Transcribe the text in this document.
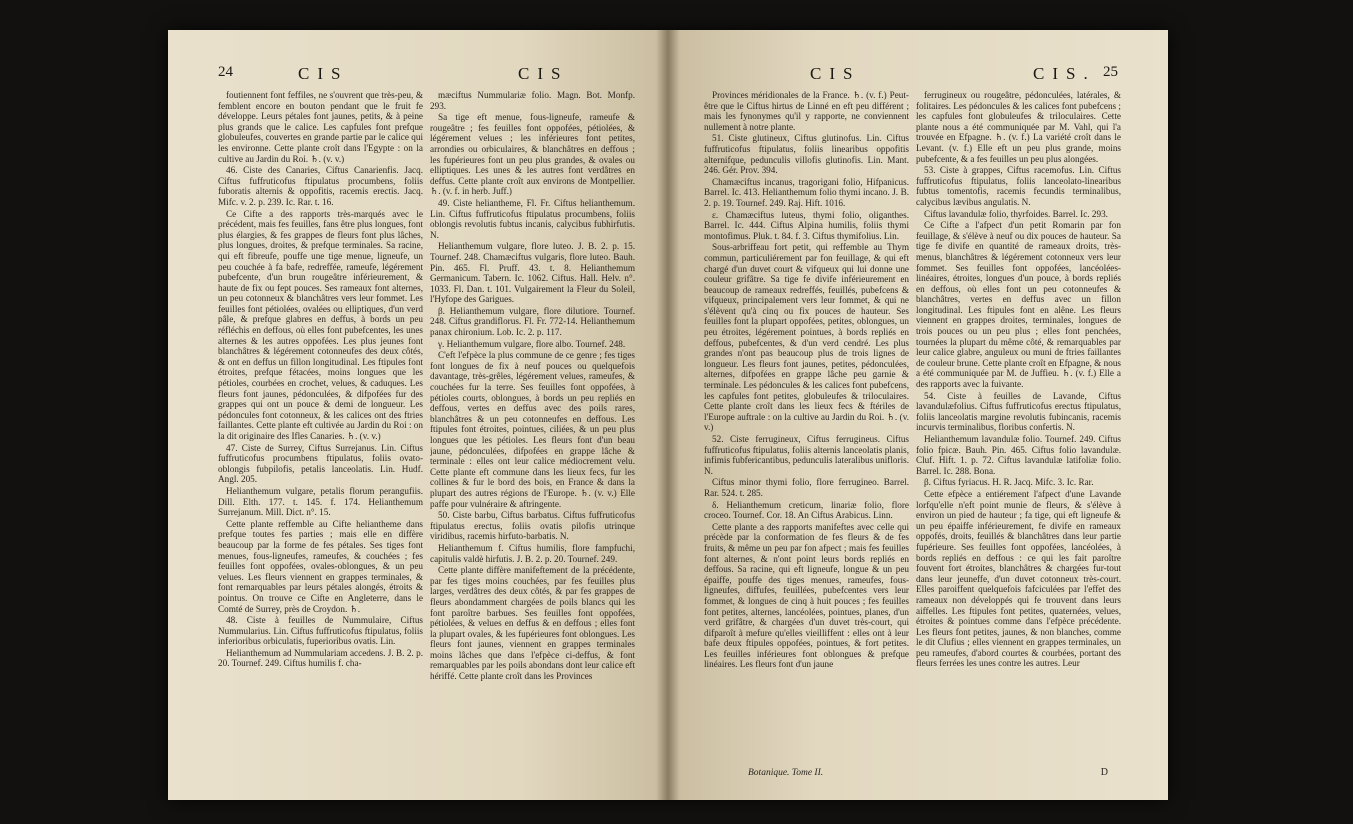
24	CIS	CIS

foutiennent font feffiles, ne s'ouvrent que très-peu, & femblent encore en bouton pendant que le fruit fe développe. Leurs pétales font jaunes, petits, & à peine plus grands que le calice. Les capfules font prefque globuleufes, couvertes en grande partie par le calice qui les environne. Cette plante croît dans l'Egypte : on la cultive au Jardin du Roi. ♄. (v. v.)

46. Ciste des Canaries, Ciftus Canarienfis. Jacq. Ciftus fuffruticofus ftipulatus procumbens, foliis fuboratis alternis & oppofitis, racemis erectis. Jacq. Mifc. v. 2. p. 239. Ic. Rar. t. 16.

Ce Cifte a des rapports très-marqués avec le précédent, mais fes feuilles, fans être plus longues, font plus élargies, & fes grappes de fleurs font plus lâches, plus longues, droites, & prefque terminales. Sa racine, qui eft fibreufe, pouffe une tige menue, ligneufe, un peu couchée à fa bafe, redreffée, rameufe, légérement pubefcente, d'un brun rougeâtre inférieurement, & haute de fix ou fept pouces. Ses rameaux font alternes, un peu cotonneux & blanchâtres vers leur fommet. Les feuilles font pétiolées, ovalées ou elliptiques, d'un verd pâle, & prefque glabres en deffus, à bords un peu réfléchis en deffous, où elles font pubefcentes, les unes alternes & les autres oppofées. Les plus jeunes font blanchâtres & légérement cotonneufes des deux côtés, & ont en deffus un fillon longitudinal. Les ftipules font étroites, prefque fétacées, moins longues que les pétioles, courbées en crochet, velues, & caduques. Les fleurs font jaunes, pédonculées, & difpofées fur des grappes qui ont un pouce & demi de longueur. Les pédoncules font cotonneux, & les calices ont des ftries faillantes. Cette plante eft cultivée au Jardin du Roi : on la dit originaire des Ifles Canaries. ♄. (v. v.)

47. Ciste de Surrey, Ciftus Surrejanus. Lin. Ciftus fuffruticofus procumbens ftipulatus, foliis ovato-oblongis fubpilofis, petalis lanceolatis. Lin. Hudf. Angl. 205.

Helianthemum vulgare, petalis florum perangufiis. Dill. Elth. 177. t. 145. f. 174. Helianthemum Surrejanum. Mill. Dict. n°. 15.

Cette plante reffemble au Cifte heliantheme dans prefque toutes fes parties ; mais elle en diffère beaucoup par la forme de fes pétales. Ses tiges font menues, fous-ligneufes, rameufes, & couchées ; fes feuilles font oppofées, ovales-oblongues, & un peu velues. Les fleurs viennent en grappes terminales, & font remarquables par leurs pétales alongés, étroits & pointus. On trouve ce Cifte en Angleterre, dans le Comté de Surrey, près de Croydon. ♄.

48. Ciste à feuilles de Nummulaire, Ciftus Nummularius. Lin. Ciftus fuffruticofus ftipulatus, foliis inferioribus orbiculatis, fuperioribus ovatis. Lin.

Helianthemum ad Nummulariam accedens. J. B. 2. p. 20. Tournef. 249. Ciftus humilis f. cha-

mæciftus Nummulariæ folio. Magn. Bot. Monfp. 293.

Sa tige eft menue, fous-ligneufe, rameufe & rougeâtre ; fes feuilles font oppofées, pétiolées, & légérement velues ; les inférieures font petites, arrondies ou orbiculaires, & blanchâtres en deffous ; les fupérieures font un peu plus grandes, & ovales ou elliptiques. Les unes & les autres font verdâtres en deffus. Cette plante croît aux environs de Montpellier. ♄. (v. f. in herb. Juff.)

49. Ciste heliantheme, Fl. Fr. Ciftus helianthemum. Lin. Ciftus fuffruticofus ftipulatus procumbens, foliis oblongis revolutis fubtus incanis, calycibus fubhirfutis. N.

Helianthemum vulgare, flore luteo. J. B. 2. p. 15. Tournef. 248. Chamæciftus vulgaris, flore luteo. Bauh. Pin. 465. Fl. Pruff. 43. t. 8. Helianthemum Germanicum. Tabern. Ic. 1062. Ciftus. Hall. Helv. n°. 1033. Fl. Dan. t. 101. Vulgairement la Fleur du Soleil, l'Hyfope des Garigues.

β. Helianthemum vulgare, flore dilutiore. Tournef. 248. Ciftus grandiflorus. Fl. Fr. 772-14. Helianthemum panax chironium. Lob. Ic. 2. p. 117.

γ. Helianthemum vulgare, flore albo. Tournef. 248.

C'eft l'efpèce la plus commune de ce genre ; fes tiges font longues de fix à neuf pouces ou quelquefois davantage, très-grêles, légérement velues, rameufes, & couchées fur la terre. Ses feuilles font oppofées, à pétioles courts, oblongues, à bords un peu repliés en deffous, vertes en deffus avec des poils rares, blanchâtres & un peu cotonneufes en deffous. Les ftipules font étroites, pointues, ciliées, & un peu plus longues que les pétioles. Les fleurs font d'un beau jaune, pédonculées, difpofées en grappe lâche & terminale : elles ont leur calice médiocrement velu. Cette plante eft commune dans les lieux fecs, fur les collines & fur le bord des bois, en France & dans la plupart des autres régions de l'Europe. ♄. (v. v.) Elle paffe pour vulnéraire & aftringente.

50. Ciste barbu, Ciftus barbatus. Ciftus fuffruticofus ftipulatus erectus, foliis ovatis pilofis utrinque viridibus, racemis hirfuto-barbatis. N.

Helianthemum f. Ciftus humilis, flore fampfuchi, capitulis valdè hirfutis. J. B. 2. p. 20. Tournef. 249.

Cette plante diffère manifeftement de la précédente, par fes tiges moins couchées, par fes feuilles plus larges, verdâtres des deux côtés, & par fes grappes de fleurs abondamment chargées de poils blancs qui les font paroître barbues. Ses feuilles font oppofées, pétiolées, & velues en deffus & en deffous ; elles font la plupart ovales, & les fupérieures font oblongues. Les fleurs font jaunes, viennent en grappes terminales moins lâches que dans l'efpèce ci-deffus, & font remarquables par les poils abondans dont leur calice eft hériffé. Cette plante croît dans les Provinces

CIS	CIS. 25

Provinces méridionales de la France. ♄. (v. f.) Peut-être que le Ciftus hirtus de Linné en eft peu différent ; mais les fynonymes qu'il y rapporte, ne conviennent nullement à notre plante.

51. Ciste glutineux, Ciftus glutinofus. Lin. Ciftus fuffruticofus ftipulatus, foliis linearibus oppofitis alternifque, pedunculis villofis glutinofis. Lin. Mant. 246. Gér. Prov. 394.

Chamæciftus incanus, tragorigani folio, Hifpanicus. Barrel. Ic. 413. Helianthemum folio thymi incano. J. B. 2. p. 19. Tournef. 249. Raj. Hift. 1016.

ε. Chamæciftus luteus, thymi folio, oliganthes. Barrel. Ic. 444. Ciftus Alpina humilis, foliis thymi montofimus. Pluk. t. 84. f. 3. Ciftus thymifolius. Lin.

Sous-arbriffeau fort petit, qui reffemble au Thym commun, particuliérement par fon feuillage, & qui eft chargé d'un duvet court & vifqueux qui lui donne une couleur grifâtre. Sa tige fe divife inférieurement en beaucoup de rameaux redreffés, feuillés, pubefcens & vifqueux, principalement vers leur fommet, & qui ne s'élèvent qu'à cinq ou fix pouces de hauteur. Ses feuilles font la plupart oppofées, petites, oblongues, un peu étroites, légérement pointues, à bords repliés en deffous, pubefcentes, & d'un verd cendré. Les plus grandes n'ont pas beaucoup plus de trois lignes de longueur. Les fleurs font jaunes, petites, pédonculées, alternes, difpofées en grappe lâche peu garnie & terminale. Les pédoncules & les calices font pubefcens, les capfules font petites, globuleufes & triloculaires. Cette plante croît dans les lieux fecs & ftériles de l'Europe auftrale : on la cultive au Jardin du Roi. ♄. (v. v.)

52. Ciste ferrugineux, Ciftus ferrugineus. Ciftus fuffruticofus ftipulatus, foliis alternis lanceolatis planis, infimis fubfericantibus, pedunculis lateralibus unifloris. N.

Ciftus minor thymi folio, flore ferrugineo. Barrel. Rar. 524. t. 285.

δ. Helianthemum creticum, linariæ folio, flore croceo. Tournef. Cor. 18. An Ciftus Arabicus. Linn.

Cette plante a des rapports manifeftes avec celle qui précède par la conformation de fes fleurs & de fes fruits, & même un peu par fon afpect ; mais fes feuilles font alternes, & n'ont point leurs bords repliés en deffous. Sa racine, qui eft ligneufe, longue & un peu épaiffe, pouffe des tiges menues, rameufes, fous-ligneufes, diffufes, feuillées, pubefcentes vers leur fommet, & longues de cinq à huit pouces ; fes feuilles font petites, alternes, lancéolées, pointues, planes, d'un verd grifâtre, & chargées d'un duvet très-court, qui difparoît à mefure qu'elles vieilliffent : elles ont à leur bafe deux ftipules oppofées, pointues, & fort petites. Les feuilles inférieures font oblongues & prefque linéaires. Les fleurs font d'un jaune

ferrugineux ou rougeâtre, pédonculées, latérales, & folitaires. Les pédoncules & les calices font pubefcens ; les capfules font globuleufes & triloculaires. Cette plante nous a été communiquée par M. Vahl, qui l'a trouvée en Efpagne. ♄. (v. f.) La variété croît dans le Levant. (v. f.) Elle eft un peu plus grande, moins pubefcente, & a fes feuilles un peu plus alongées.

53. Ciste à grappes, Ciftus racemofus. Lin. Ciftus fuffruticofus ftipulatus, foliis lanceolato-linearibus fubtus tomentofis, racemis fecundis terminalibus, calycibus lævibus angulatis. N.

Ciftus lavandulæ folio, thyrfoides. Barrel. Ic. 293.

Ce Cifte a l'afpect d'un petit Romarin par fon feuillage, & s'élève à neuf ou dix pouces de hauteur. Sa tige fe divife en quantité de rameaux droits, très-menus, blanchâtres & légérement cotonneux vers leur fommet. Ses feuilles font oppofées, lancéolées-linéaires, étroites, longues d'un pouce, à bords repliés en deffous, où elles font un peu cotonneufes & blanchâtres, vertes en deffus avec un fillon longitudinal. Les ftipules font en alêne. Les fleurs viennent en grappes droites, terminales, longues de trois pouces ou un peu plus ; elles font penchées, tournées la plupart du même côté, & remarquables par leur calice glabre, anguleux ou muni de ftries faillantes de couleur brune. Cette plante croît en Efpagne, & nous a été communiquée par M. de Juffieu. ♄. (v. f.) Elle a des rapports avec la fuivante.

54. Ciste à feuilles de Lavande, Ciftus lavandulæfolius. Ciftus fuffruticofus erectus ftipulatus, foliis lanceolatis margine revolutis fubincanis, racemis incurvis terminalibus, floribus confertis. N.

Helianthemum lavandulæ folio. Tournef. 249. Ciftus folio fpicæ. Bauh. Pin. 465. Ciftus folio lavandulæ. Cluf. Hift. 1. p. 72. Ciftus lavandulæ latifoliæ folio. Barrel. Ic. 288. Bona.

β. Ciftus fyriacus. H. R. Jacq. Mifc. 3. Ic. Rar.

Cette efpèce a entiérement l'afpect d'une Lavande lorfqu'elle n'eft point munie de fleurs, & s'élève à environ un pied de hauteur ; fa tige, qui eft ligneufe & un peu épaiffe inférieurement, fe divife en rameaux oppofés, droits, feuillés & blanchâtres dans leur partie fupérieure. Ses feuilles font oppofées, lancéolées, à bords repliés en deffous : ce qui les fait paroître fouvent fort étroites, blanchâtres & chargées fur-tout dans leur jeuneffe, d'un duvet cotonneux très-court. Elles paroiffent quelquefois fafciculées par l'effet des rameaux non développés qui fe trouvent dans leurs aiffelles. Les ftipules font petites, quaternées, velues, étroites & pointues comme dans l'efpèce précédente. Les fleurs font petites, jaunes, & non blanches, comme le dit Clufius ; elles viennent en grappes terminales, un peu rameufes, d'abord courtes & courbées, portant des fleurs ferrées les unes contre les autres. Leur

Botanique. Tome II.	D
